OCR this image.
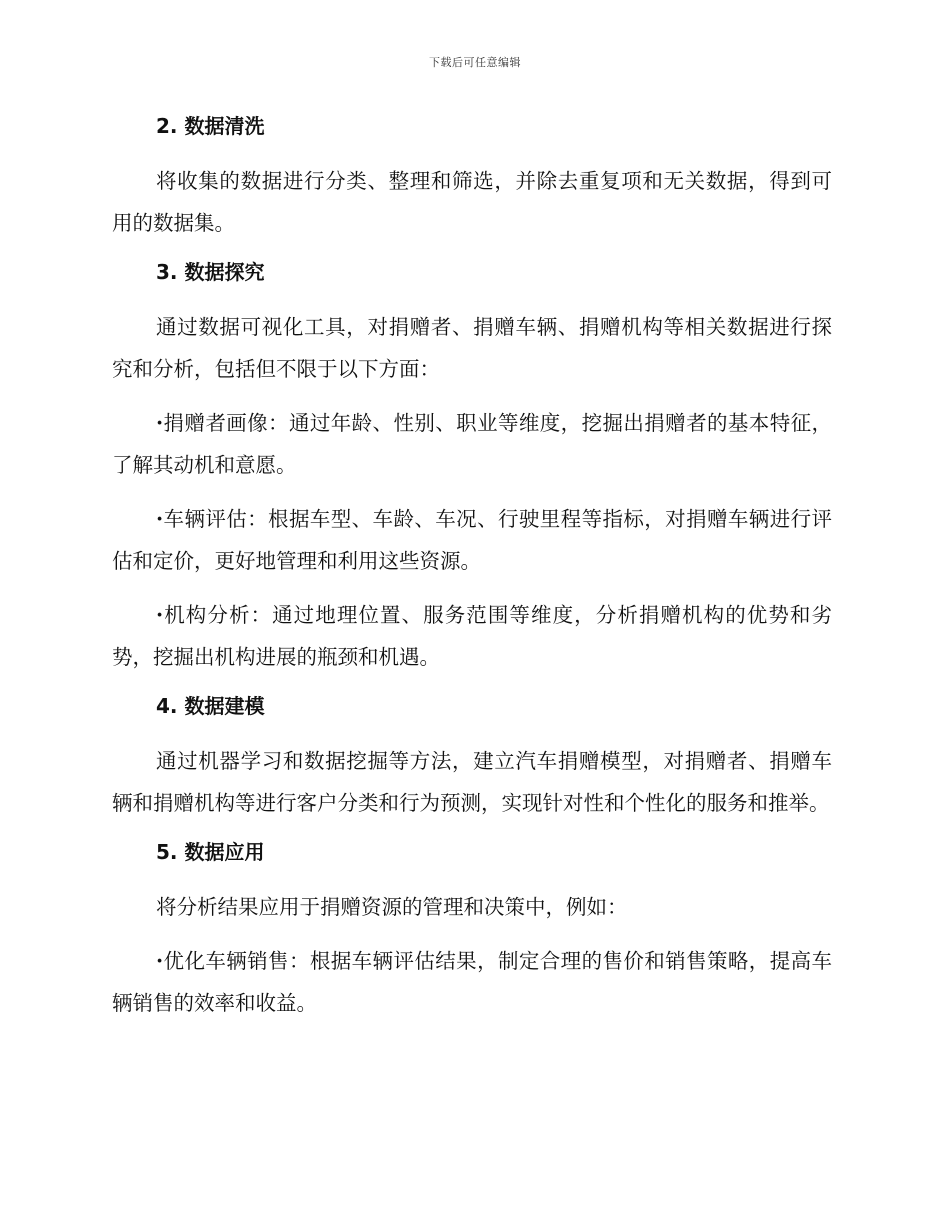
下载后可任意编辑
2. 数据清洗

将收集的数据进行分类、整理和筛选，并除去重复项和无关数据，得到可用的数据集。

3. 数据探究

通过数据可视化工具，对捐赠者、捐赠车辆、捐赠机构等相关数据进行探究和分析，包括但不限于以下方面：

·捐赠者画像：通过年龄、性别、职业等维度，挖掘出捐赠者的基本特征，了解其动机和意愿。

·车辆评估：根据车型、车龄、车况、行驶里程等指标，对捐赠车辆进行评估和定价，更好地管理和利用这些资源。

·机构分析：通过地理位置、服务范围等维度，分析捐赠机构的优势和劣势，挖掘出机构进展的瓶颈和机遇。

4. 数据建模

通过机器学习和数据挖掘等方法，建立汽车捐赠模型，对捐赠者、捐赠车辆和捐赠机构等进行客户分类和行为预测，实现针对性和个性化的服务和推举。

5. 数据应用

将分析结果应用于捐赠资源的管理和决策中，例如：

·优化车辆销售：根据车辆评估结果，制定合理的售价和销售策略，提高车辆销售的效率和收益。
